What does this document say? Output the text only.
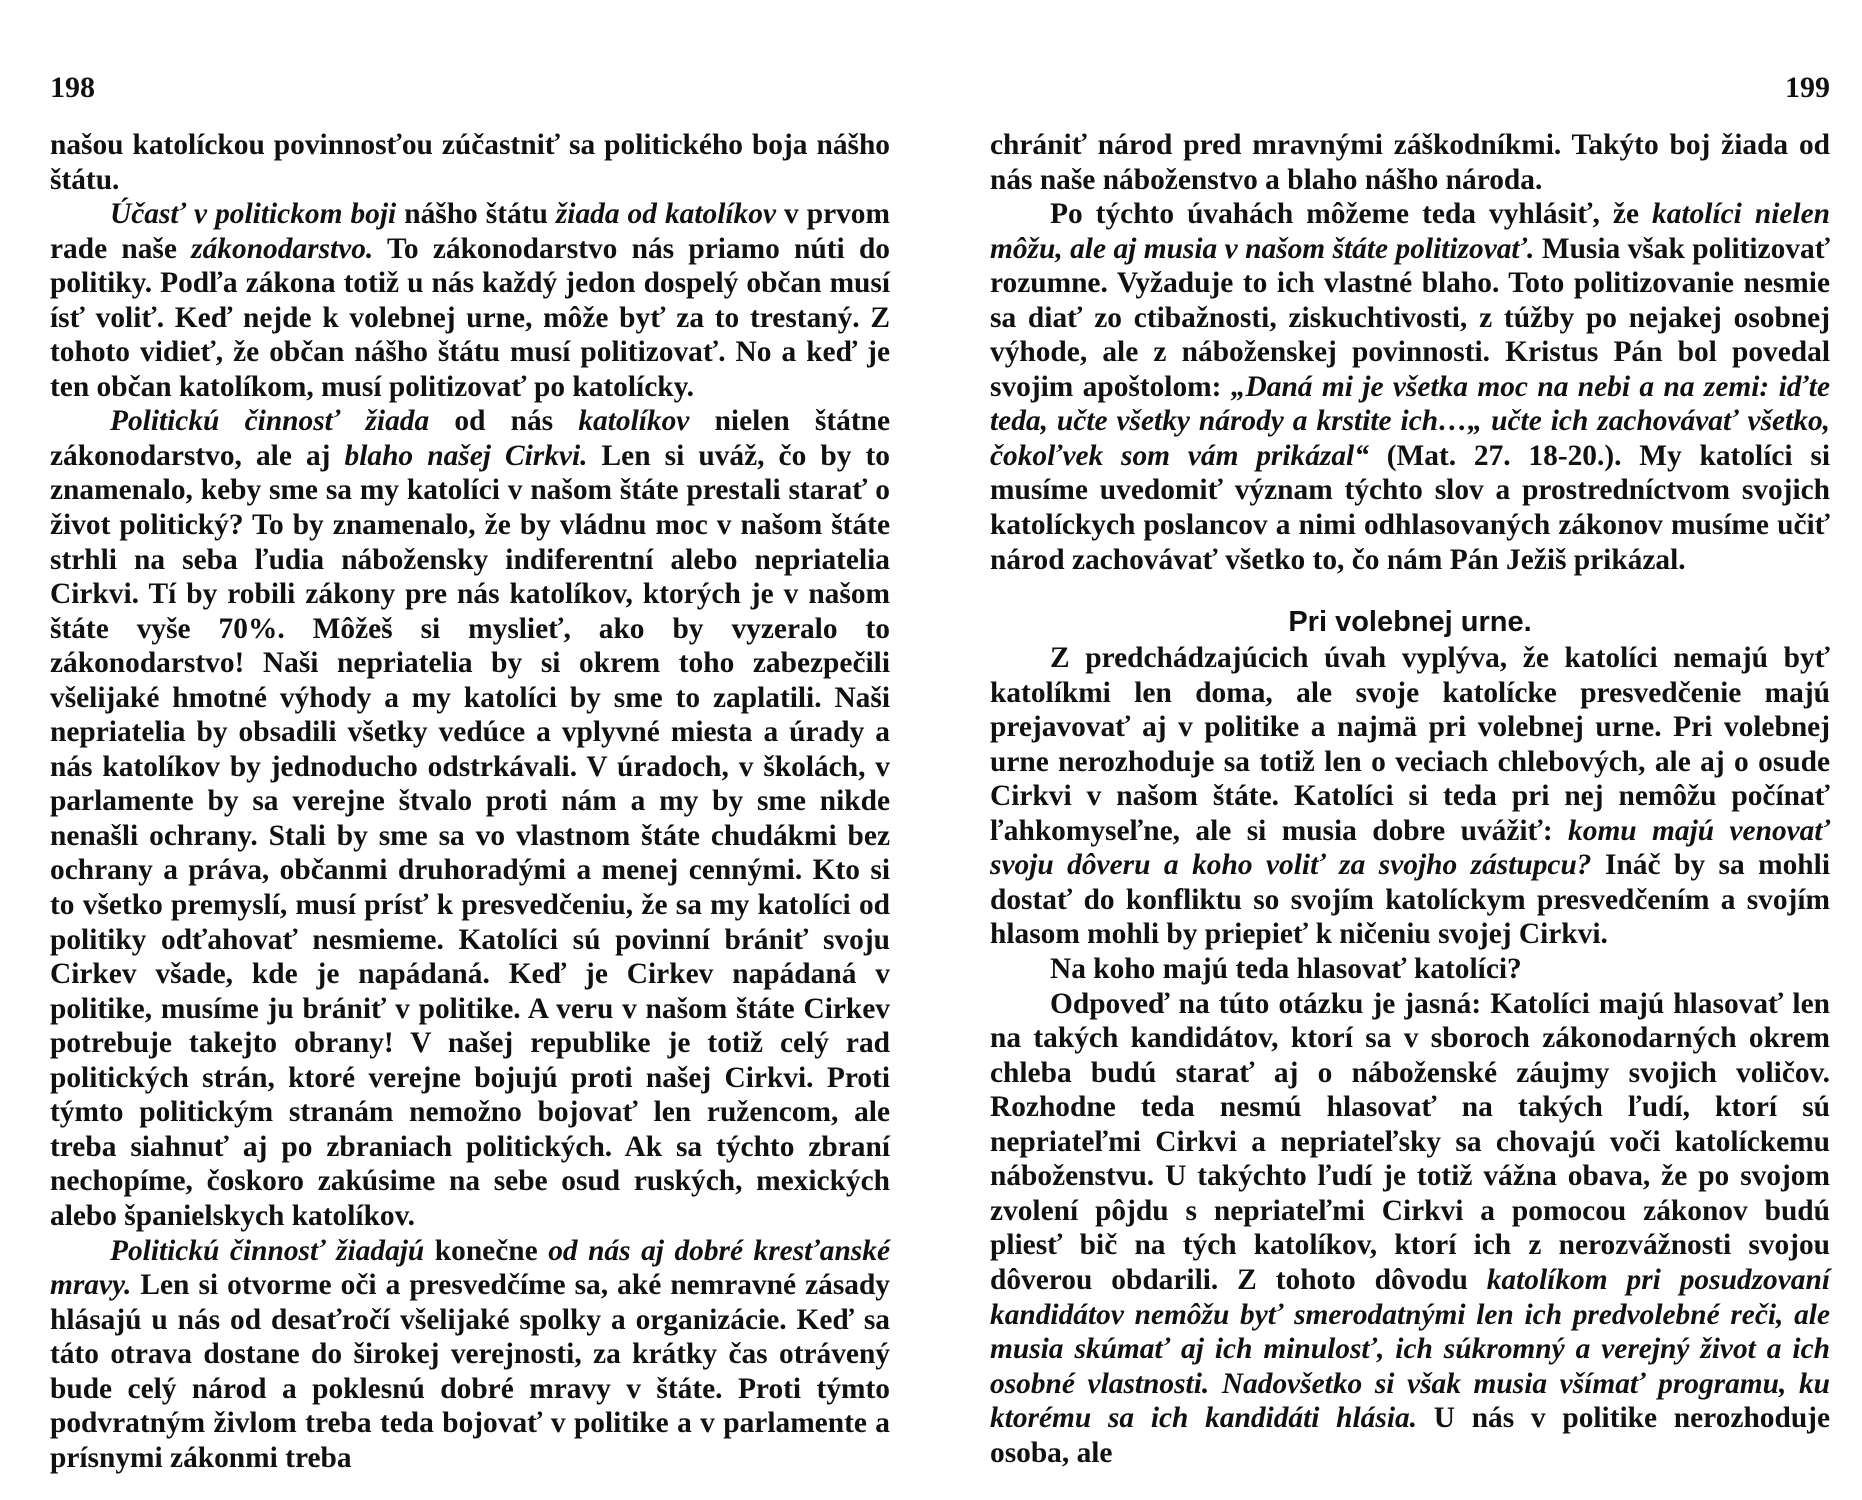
198

našou katolíckou povinnosťou zúčastniť sa politického boja nášho štátu.

Účasť v politickom boji nášho štátu žiada od katolíkov v prvom rade naše zákonodarstvo. To zákonodarstvo nás priamo núti do politiky. Podľa zákona totiž u nás každý jedon dospelý občan musí ísť voliť. Keď nejde k volebnej urne, môže byť za to trestaný. Z tohoto vidieť, že občan nášho štátu musí politizovať. No a keď je ten občan katolíkom, musí politizovať po katolícky.

Politickú činnosť žiada od nás katolíkov nielen štátne zákonodarstvo, ale aj blaho našej Cirkvi. Len si uváž, čo by to znamenalo, keby sme sa my katolíci v našom štáte prestali starať o život politický? To by znamenalo, že by vládnu moc v našom štáte strhli na seba ľudia nábožensky indiferentní alebo nepriatelia Cirkvi. Tí by robili zákony pre nás katolíkov, ktorých je v našom štáte vyše 70%. Môžeš si myslieť, ako by vyzeralo to zákonodarstvo! Naši nepriatelia by si okrem toho zabezpečili všelijaké hmotné výhody a my katolíci by sme to zaplatili. Naši nepriatelia by obsadili všetky vedúce a vplyvné miesta a úrady a nás katolíkov by jednoducho odstrkávali. V úradoch, v školách, v parlamente by sa verejne štvalo proti nám a my by sme nikde nenašli ochrany. Stali by sme sa vo vlastnom štáte chudákmi bez ochrany a práva, občanmi druhoradými a menej cennými. Kto si to všetko premyslí, musí prísť k presvedčeniu, že sa my katolíci od politiky odťahovať nesmieme. Katolíci sú povinní brániť svoju Cirkev všade, kde je napádaná. Keď je Cirkev napádaná v politike, musíme ju brániť v politike. A veru v našom štáte Cirkev potrebuje takejto obrany! V našej republike je totiž celý rad politických strán, ktoré verejne bojujú proti našej Cirkvi. Proti týmto politickým stranám nemožno bojovať len ružencom, ale treba siahnuť aj po zbraniach politických. Ak sa týchto zbraní nechopíme, čoskoro zakúsime na sebe osud ruských, mexických alebo španielskych katolíkov.

Politickú činnosť žiadajú konečne od nás aj dobré kresťanské mravy. Len si otvorme oči a presvedčíme sa, aké nemravné zásady hlásajú u nás od desaťročí všelijaké spolky a organizácie. Keď sa táto otrava dostane do širokej verejnosti, za krátky čas otrávený bude celý národ a poklesnú dobré mravy v štáte. Proti týmto podvratným živlom treba teda bojovať v politike a v parlamente a prísnymi zákonmi treba

199

chrániť národ pred mravnými záškodníkmi. Takýto boj žiada od nás naše náboženstvo a blaho nášho národa.

Po týchto úvahách môžeme teda vyhlásiť, že katolíci nielen môžu, ale aj musia v našom štáte politizovať. Musia však politizovať rozumne. Vyžaduje to ich vlastné blaho. Toto politizovanie nesmie sa diať zo ctibažnosti, ziskuchtivosti, z túžby po nejakej osobnej výhode, ale z náboženskej povinnosti. Kristus Pán bol povedal svojim apoštolom: „Daná mi je všetka moc na nebi a na zemi: iďte teda, učte všetky národy a krstite ich…„ učte ich zachovávať všetko, čokoľvek som vám prikázal“ (Mat. 27. 18-20.). My katolíci si musíme uvedomiť význam týchto slov a prostredníctvom svojich katolíckych poslancov a nimi odhlasovaných zákonov musíme učiť národ zachovávať všetko to, čo nám Pán Ježiš prikázal.

Pri volebnej urne.

Z predchádzajúcich úvah vyplýva, že katolíci nemajú byť katolíkmi len doma, ale svoje katolícke presvedčenie majú prejavovať aj v politike a najmä pri volebnej urne. Pri volebnej urne nerozhoduje sa totiž len o veciach chlebových, ale aj o osude Cirkvi v našom štáte. Katolíci si teda pri nej nemôžu počínať ľahkomyseľne, ale si musia dobre uvážiť: komu majú venovať svoju dôveru a koho voliť za svojho zástupcu? Ináč by sa mohli dostať do konfliktu so svojím katolíckym presvedčením a svojím hlasom mohli by priepieť k ničeniu svojej Cirkvi.

Na koho majú teda hlasovať katolíci?

Odpoveď na túto otázku je jasná: Katolíci majú hlasovať len na takých kandidátov, ktorí sa v sboroch zákonodarných okrem chleba budú starať aj o náboženské záujmy svojich voličov. Rozhodne teda nesmú hlasovať na takých ľudí, ktorí sú nepriateľmi Cirkvi a nepriateľsky sa chovajú voči katolíckemu náboženstvu. U takýchto ľudí je totiž vážna obava, že po svojom zvolení pôjdu s nepriateľmi Cirkvi a pomocou zákonov budú pliesť bič na tých katolíkov, ktorí ich z nerozvážnosti svojou dôverou obdarili. Z tohoto dôvodu katolíkom pri posudzovaní kandidátov nemôžu byť smerodatnými len ich predvolebné reči, ale musia skúmať aj ich minulosť, ich súkromný a verejný život a ich osobné vlastnosti. Nadovšetko si však musia všímať programu, ku ktorému sa ich kandidáti hlásia. U nás v politike nerozhoduje osoba, ale
